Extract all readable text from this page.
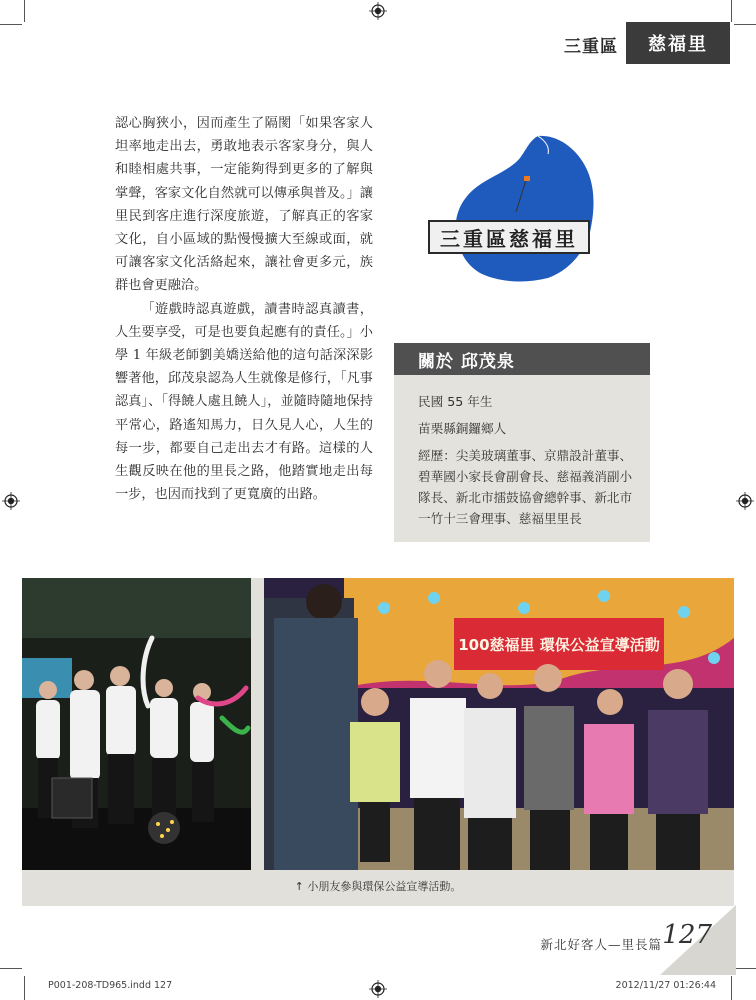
三重區	慈福里

認心胸狹小，因而產生了隔閡「如果客家人坦率地走出去，勇敢地表示客家身分，與人和睦相處共事，一定能夠得到更多的了解與掌聲，客家文化自然就可以傳承與普及。」讓里民到客庄進行深度旅遊，了解真正的客家文化，自小區域的點慢慢擴大至線或面，就可讓客家文化活絡起來，讓社會更多元，族群也會更融洽。

「遊戲時認真遊戲，讀書時認真讀書，人生要享受，可是也要負起應有的責任。」小學 1 年級老師劉美嬌送給他的這句話深深影響著他，邱茂泉認為人生就像是修行，「凡事認真」、「得饒人處且饒人」，並隨時隨地保持平常心，路遙知馬力，日久見人心，人生的每一步，都要自己走出去才有路。這樣的人生觀反映在他的里長之路，他踏實地走出每一步，也因而找到了更寬廣的出路。

三重區慈福里
關於 邱茂泉
民國 55 年生
苗栗縣銅鑼鄉人
經歷：尖美玻璃董事、京鼎設計董事、碧華國小家長會副會長、慈福義消副小隊長、新北市擂鼓協會總幹事、新北市一竹十三會理事、慈福里里長
100慈福里 環保公益宣導活動
↑ 小朋友參與環保公益宣導活動。
新北好客人—里長篇 127
P001-208-TD965.indd 127	2012/11/27 01:26:44
